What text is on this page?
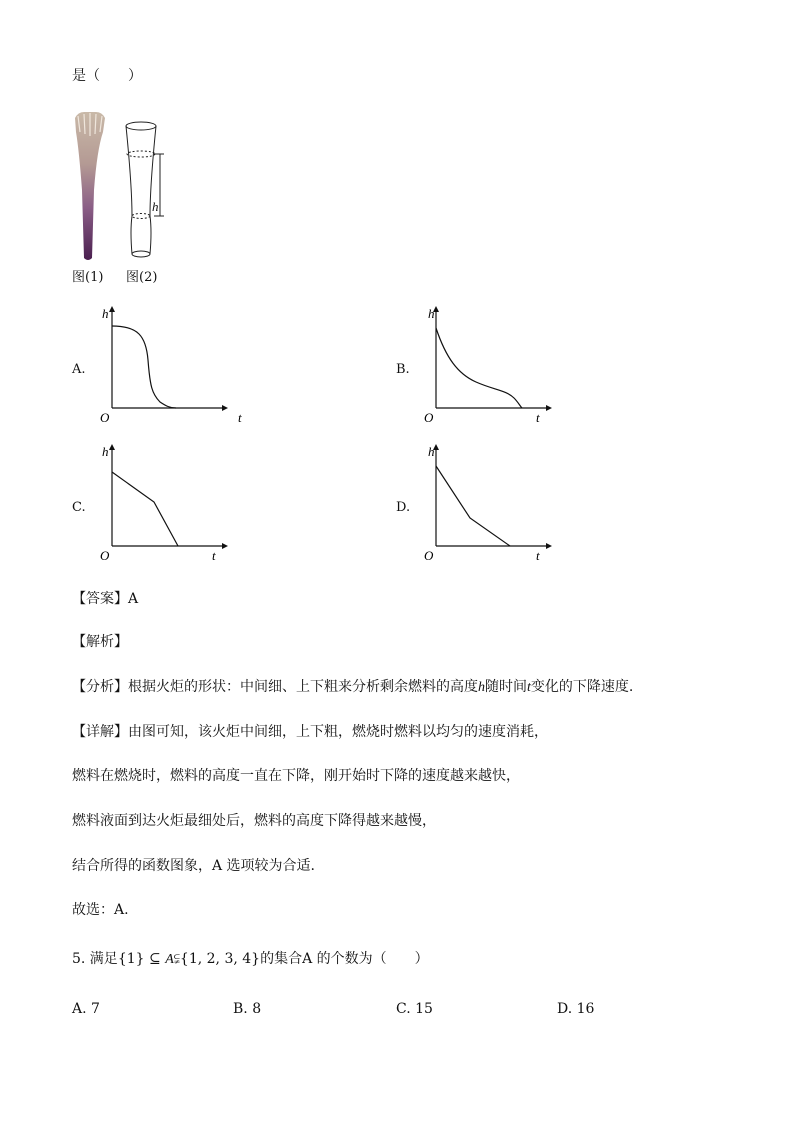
是（　　）
h
图(1) 图(2)
A.
h
O	t
B.
h
O	t
C.
h
O	t
D.
h
O	t
【答案】A
【解析】
【分析】根据火炬的形状：中间细、上下粗来分析剩余燃料的高度h随时间t变化的下降速度.
【详解】由图可知，该火炬中间细，上下粗，燃烧时燃料以均匀的速度消耗，
燃料在燃烧时，燃料的高度一直在下降，刚开始时下降的速度越来越快，
燃料液面到达火炬最细处后，燃料的高度下降得越来越慢，
结合所得的函数图象，A 选项较为合适.
故选：A.
5. 满足{1} ⊆ A⫋{1, 2, 3, 4}的集合A 的个数为（　　）
A. 7	B. 8	C. 15	D. 16
